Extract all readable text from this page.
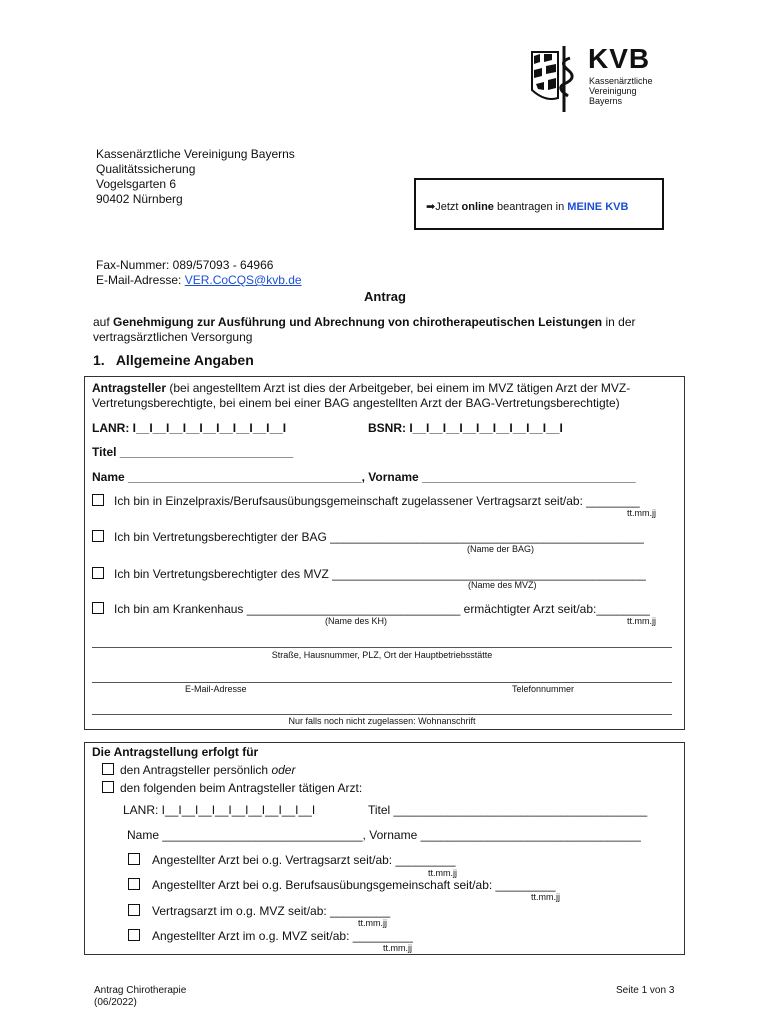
KVB
Kassenärztliche
Vereinigung
Bayerns
Kassenärztliche Vereinigung Bayerns
Qualitätssicherung
Vogelsgarten 6
90402 Nürnberg
➡Jetzt online beantragen in MEINE KVB
Fax-Nummer: 089/57093 - 64966
E-Mail-Adresse: VER.CoCQS@kvb.de
Antrag
auf Genehmigung zur Ausführung und Abrechnung von chirotherapeutischen Leistungen in der
vertragsärztlichen Versorgung
1.   Allgemeine Angaben
Antragsteller (bei angestelltem Arzt ist dies der Arbeitgeber, bei einem im MVZ tätigen Arzt der MVZ-
Vertretungsberechtigte, bei einem bei einer BAG angestellten Arzt der BAG-Vertretungsberechtigte)
LANR: I__I__I__I__I__I__I__I__I__I	BSNR: I__I__I__I__I__I__I__I__I__I
Titel __________________________
Name ___________________________________, Vorname ________________________________
Ich bin in Einzelpraxis/Berufsausübungsgemeinschaft zugelassener Vertragsarzt seit/ab: ________
tt.mm.jj
Ich bin Vertretungsberechtigter der BAG _______________________________________________
(Name der BAG)
Ich bin Vertretungsberechtigter des MVZ _______________________________________________
(Name des MVZ)
Ich bin am Krankenhaus ________________________________ ermächtigter Arzt seit/ab:________
(Name des KH)	tt.mm.jj
Straße, Hausnummer, PLZ, Ort der Hauptbetriebsstätte
E-Mail-Adresse	Telefonnummer
Nur falls noch nicht zugelassen: Wohnanschrift
Die Antragstellung erfolgt für
den Antragsteller persönlich oder
den folgenden beim Antragsteller tätigen Arzt:
LANR: I__I__I__I__I__I__I__I__I__I	Titel ______________________________________
Name ______________________________, Vorname _________________________________
Angestellter Arzt bei o.g. Vertragsarzt seit/ab: _________
tt.mm.jj
Angestellter Arzt bei o.g. Berufsausübungsgemeinschaft seit/ab: _________
tt.mm.jj
Vertragsarzt im o.g. MVZ seit/ab: _________
tt.mm.jj
Angestellter Arzt im o.g. MVZ seit/ab: _________
tt.mm.jj
Antrag Chirotherapie
(06/2022)
Seite 1 von 3
